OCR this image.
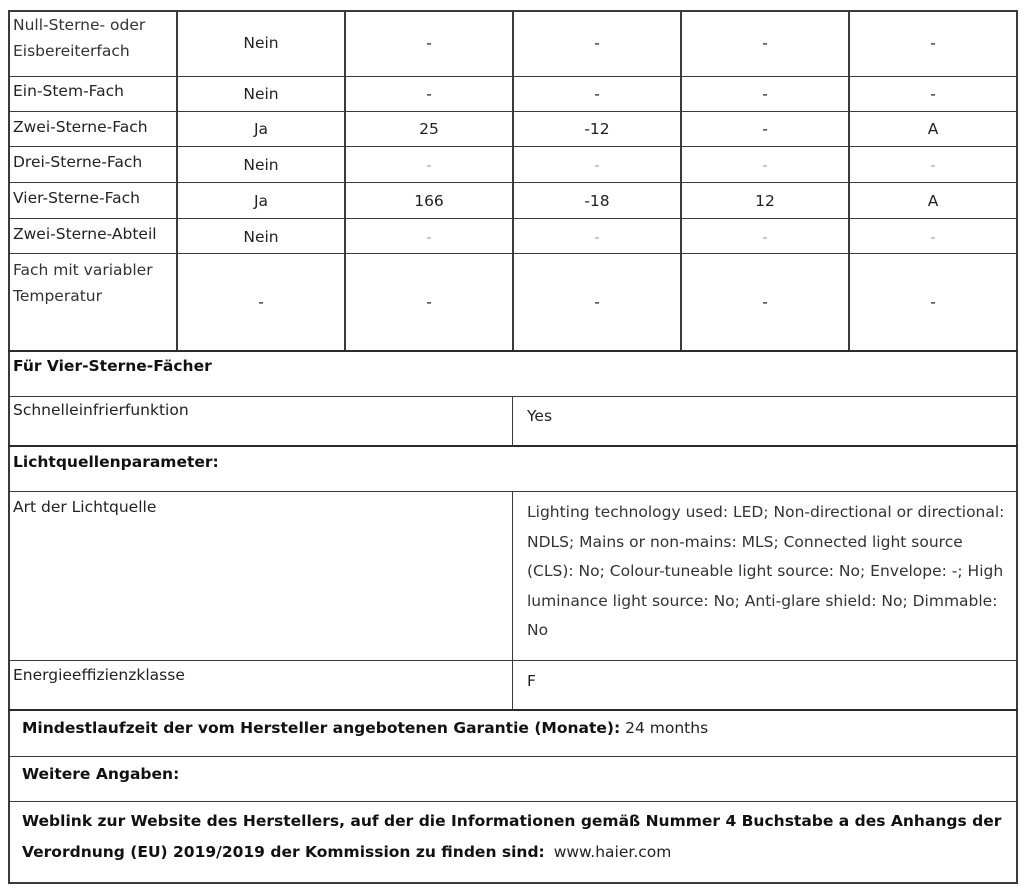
Null-Sterne- oder
Eisbereiterfach	Nein	-	-	-	-
Ein-Stem-Fach	Nein	-	-	-	-
Zwei-Sterne-Fach	Ja	25	-12	-	A
Drei-Sterne-Fach	Nein	-	-	-	-
Vier-Sterne-Fach	Ja	166	-18	12	A
Zwei-Sterne-Abteil	Nein	-	-	-	-
Fach mit variabler
Temperatur	-	-	-	-	-
Für Vier-Sterne-Fächer
Schnelleinfrierfunktion	Yes
Lichtquellenparameter:
Art der Lichtquelle	Lighting technology used: LED; Non-directional or directional: NDLS; Mains or non-mains: MLS; Connected light source (CLS): No; Colour-tuneable light source: No; Envelope: -; High luminance light source: No; Anti-glare shield: No; Dimmable: No
Energieeffizienzklasse	F
Mindestlaufzeit der vom Hersteller angebotenen Garantie (Monate): 24 months
Weitere Angaben:
Weblink zur Website des Herstellers, auf der die Informationen gemäß Nummer 4 Buchstabe a des Anhangs der
Verordnung (EU) 2019/2019 der Kommission zu finden sind: www.haier.com
